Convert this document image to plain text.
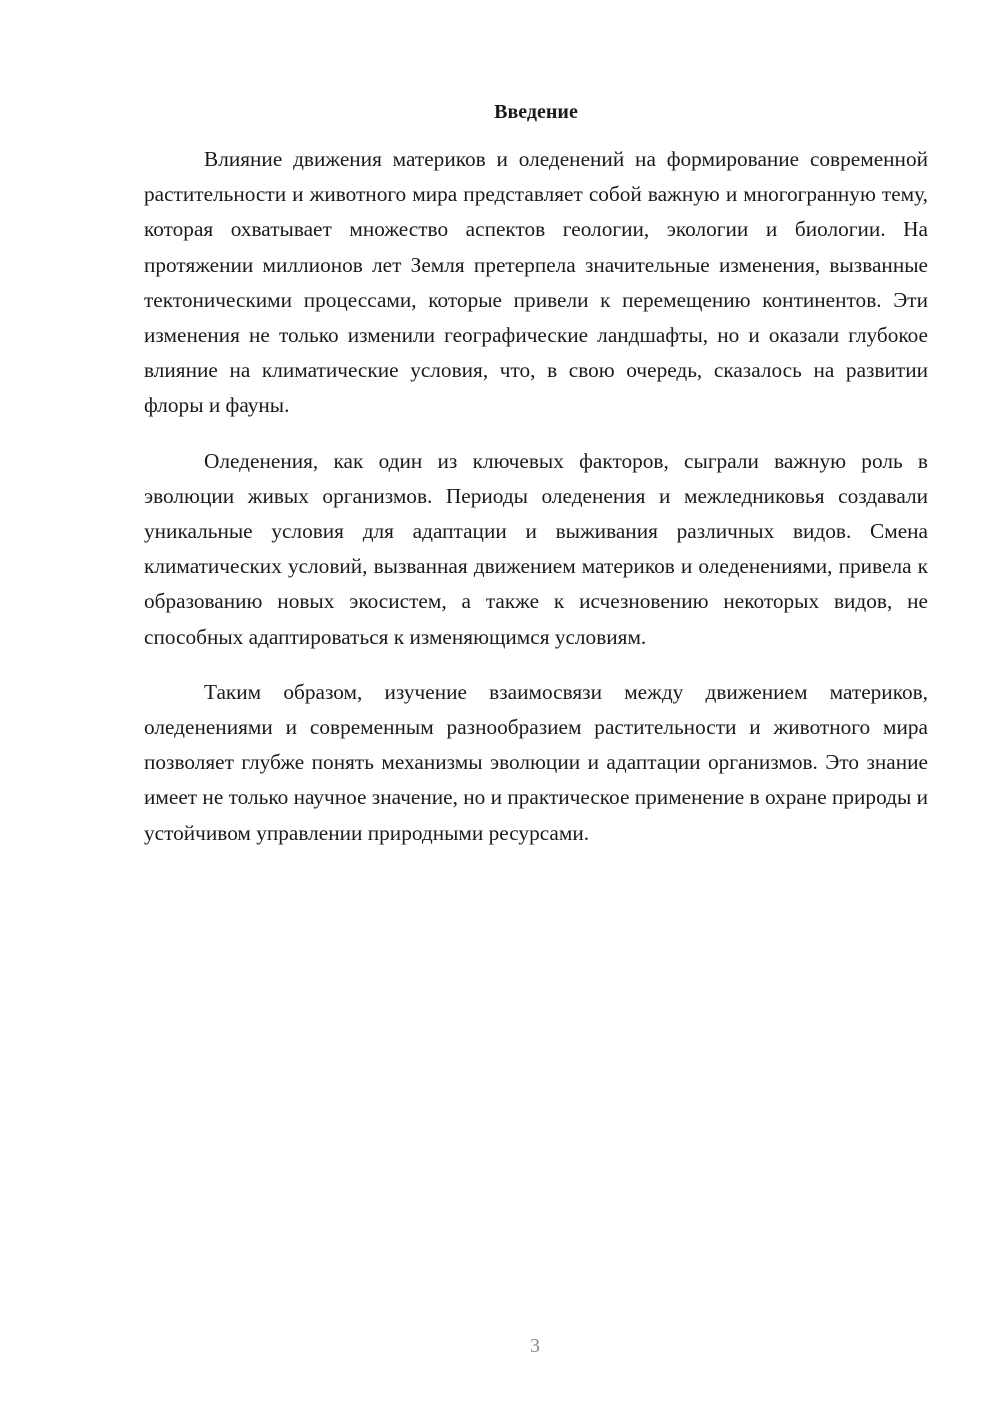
Введение

Влияние движения материков и оледенений на формирование современной растительности и животного мира представляет собой важную и многогранную тему, которая охватывает множество аспектов геологии, экологии и биологии. На протяжении миллионов лет Земля претерпела значительные изменения, вызванные тектоническими процессами, которые привели к перемещению континентов. Эти изменения не только изменили географические ландшафты, но и оказали глубокое влияние на климатические условия, что, в свою очередь, сказалось на развитии флоры и фауны.

Оледенения, как один из ключевых факторов, сыграли важную роль в эволюции живых организмов. Периоды оледенения и межледниковья создавали уникальные условия для адаптации и выживания различных видов. Смена климатических условий, вызванная движением материков и оледенениями, привела к образованию новых экосистем, а также к исчезновению некоторых видов, не способных адаптироваться к изменяющимся условиям.

Таким образом, изучение взаимосвязи между движением материков, оледенениями и современным разнообразием растительности и животного мира позволяет глубже понять механизмы эволюции и адаптации организмов. Это знание имеет не только научное значение, но и практическое применение в охране природы и устойчивом управлении природными ресурсами.

3
